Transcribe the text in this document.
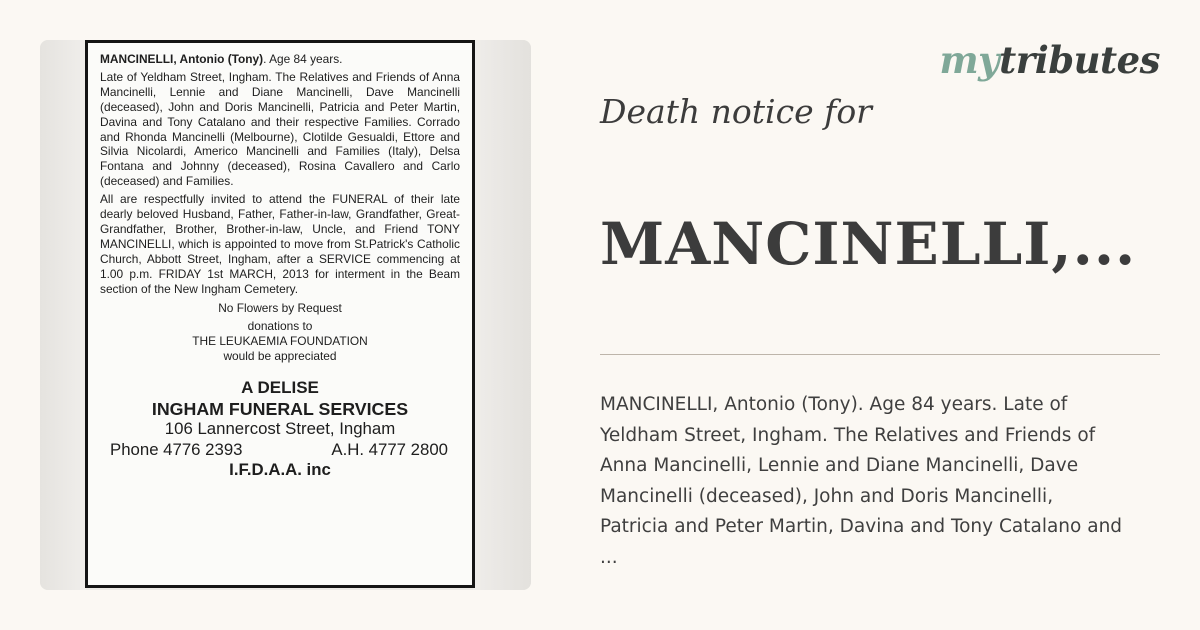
MANCINELLI, Antonio (Tony). Age 84 years.

Late of Yeldham Street, Ingham. The Relatives and Friends of Anna Mancinelli, Lennie and Diane Mancinelli, Dave Mancinelli (deceased), John and Doris Mancinelli, Patricia and Peter Martin, Davina and Tony Catalano and their respective Families. Corrado and Rhonda Mancinelli (Melbourne), Clotilde Gesualdi, Ettore and Silvia Nicolardi, Americo Mancinelli and Families (Italy), Delsa Fontana and Johnny (deceased), Rosina Cavallero and Carlo (deceased) and Families.

All are respectfully invited to attend the FUNERAL of their late dearly beloved Husband, Father, Father-in-law, Grandfather, Great-Grandfather, Brother, Brother-in-law, Uncle, and Friend TONY MANCINELLI, which is appointed to move from St.Patrick's Catholic Church, Abbott Street, Ingham, after a SERVICE commencing at 1.00 p.m. FRIDAY 1st MARCH, 2013 for interment in the Beam section of the New Ingham Cemetery.

No Flowers by Request
donations to
THE LEUKAEMIA FOUNDATION
would be appreciated
A DELISE
INGHAM FUNERAL SERVICES
106 Lannercost Street, Ingham
Phone 4776 2393	A.H. 4777 2800
I.F.D.A.A. inc
mytributes
Death notice for
MANCINELLI,...
MANCINELLI, Antonio (Tony). Age 84 years. Late of
Yeldham Street, Ingham. The Relatives and Friends of
Anna Mancinelli, Lennie and Diane Mancinelli, Dave
Mancinelli (deceased), John and Doris Mancinelli,
Patricia and Peter Martin, Davina and Tony Catalano and
...
